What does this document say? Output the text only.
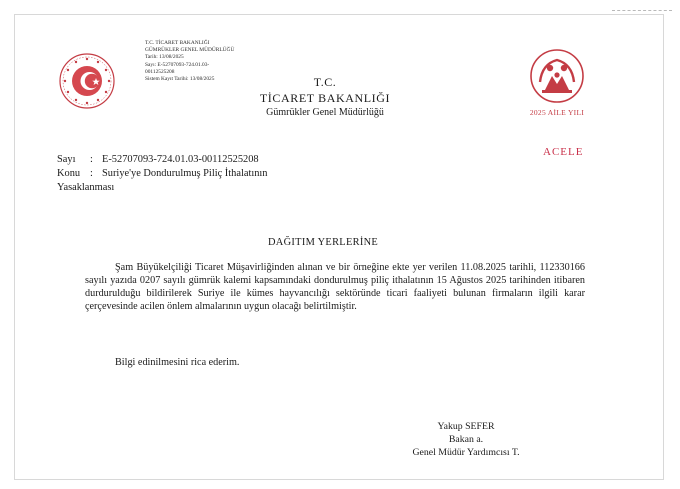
T.C. TİCARET BAKANLIĞI
GÜMRÜKLER GENEL MÜDÜRLÜĞÜ
Tarih: 13/08/2025
Sayı: E-52707093-724.01.03-
00112525208
Sistem Kayıt Tarihi: 13/08/2025	T.C.
TİCARET BAKANLIĞI
Gümrükler Genel Müdürlüğü	2025 AİLE YILI
ACELE
Sayı	: E-52707093-724.01.03-00112525208
Konu : Suriye'ye Dondurulmuş Piliç İthalatının
Yasaklanması
DAĞITIM YERLERİNE

Şam Büyükelçiliği Ticaret Müşavirliğinden alınan ve bir örneğine ekte yer verilen 11.08.2025 tarihli, 112330166 sayılı yazıda 0207 sayılı gümrük kalemi kapsamındaki dondurulmuş piliç ithalatının 15 Ağustos 2025 tarihinden itibaren durdurulduğu bildirilerek Suriye ile kümes hayvancılığı sektöründe ticari faaliyeti bulunan firmaların ilgili karar çerçevesinde acilen önlem almalarının uygun olacağı belirtilmiştir.

Bilgi edinilmesini rica ederim.
Yakup SEFER
Bakan a.
Genel Müdür Yardımcısı T.
